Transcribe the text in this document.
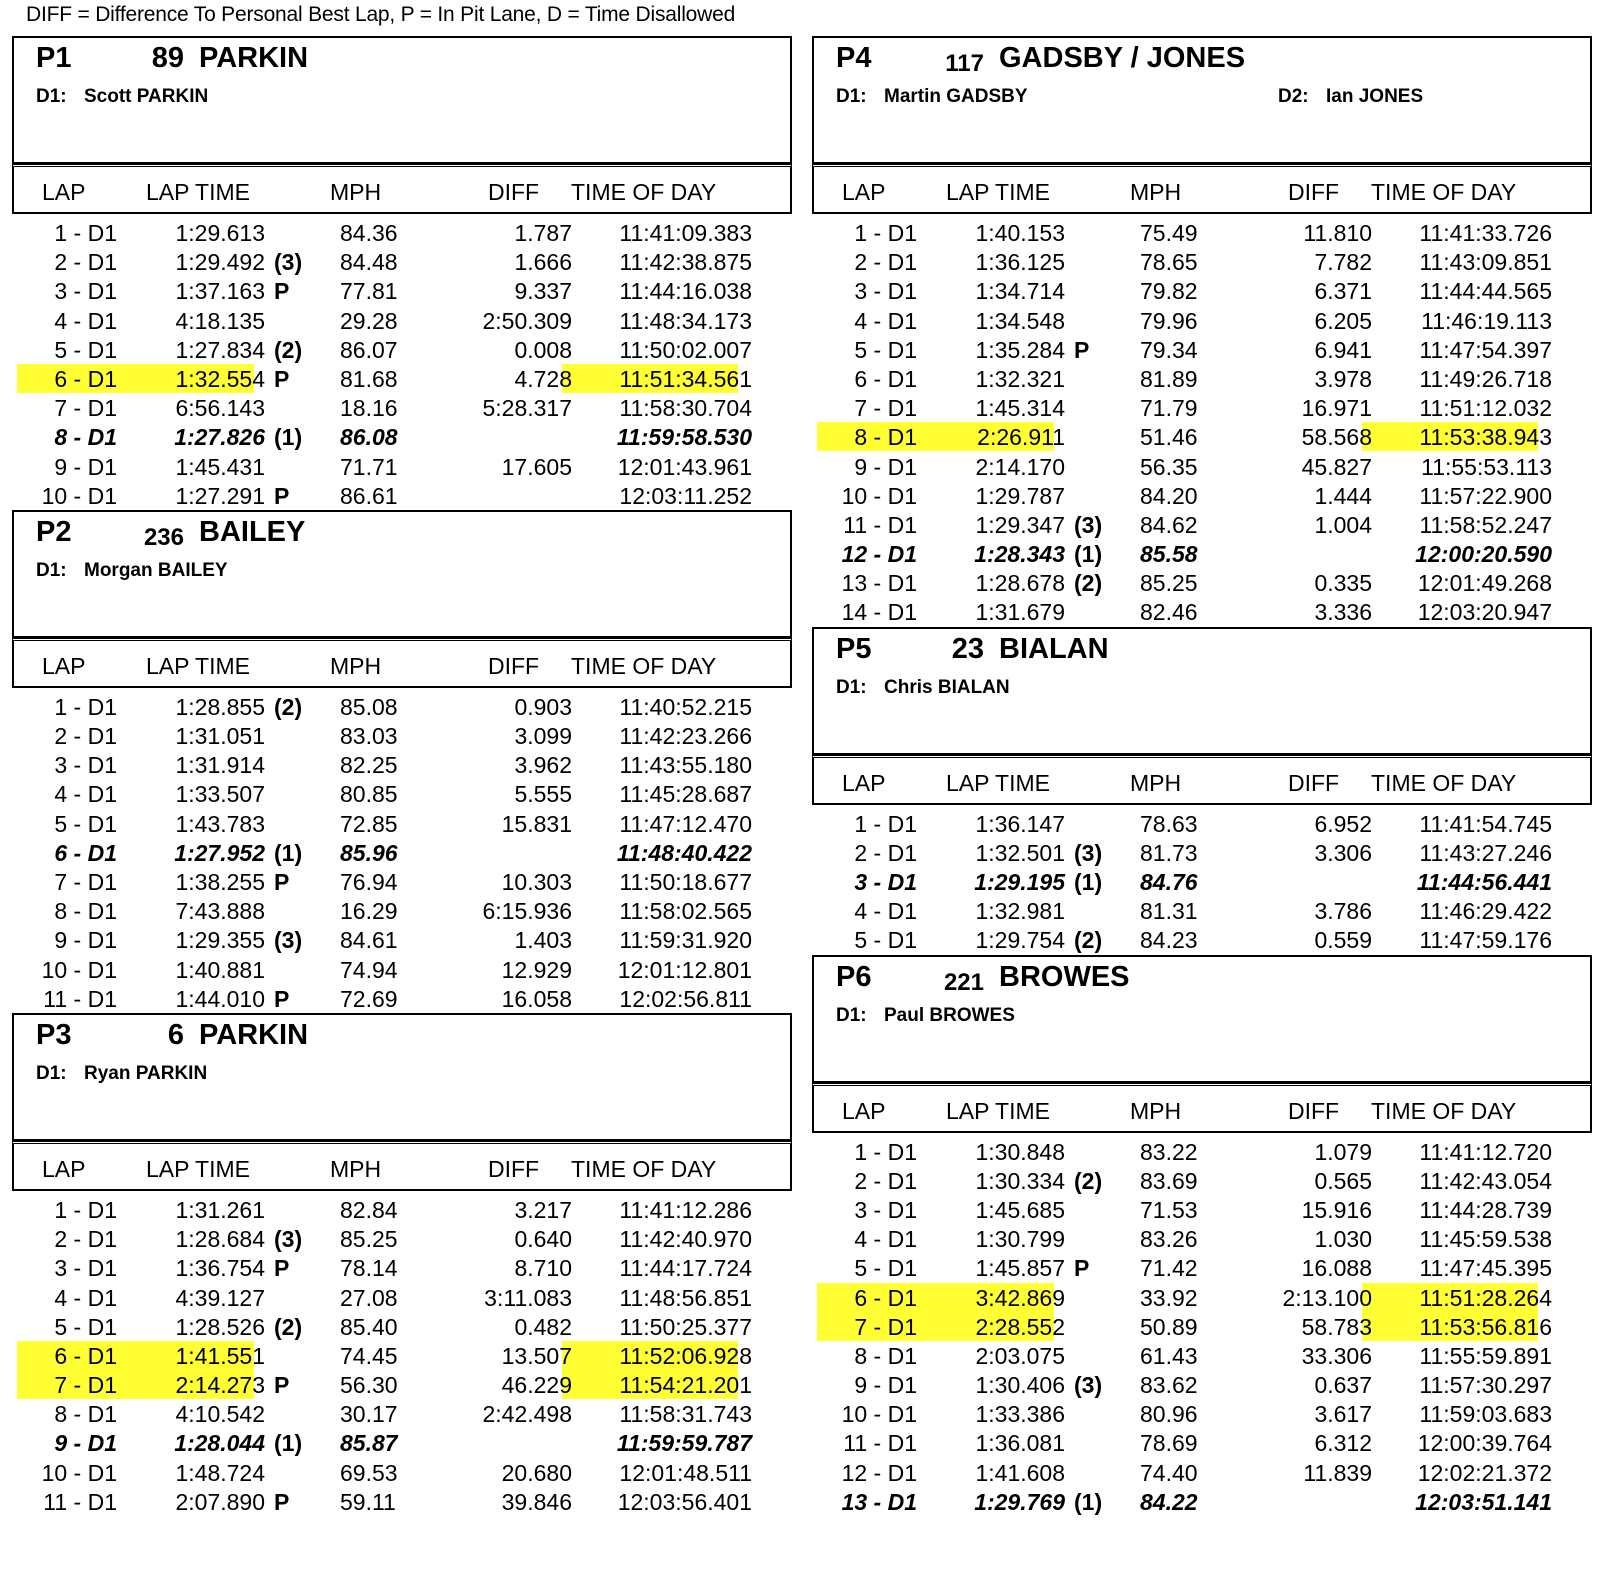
DIFF = Difference To Personal Best Lap, P = In Pit Lane, D = Time Disallowed
P1	89 PARKIN
D1: Scott PARKIN
LAP	LAP TIME	MPH	DIFF TIME OF DAY
1 - D1	1:29.613	84.36	1.787	11:41:09.383
2 - D1	1:29.492 (3) 84.48	1.666	11:42:38.875
3 - D1	1:37.163 P 77.81	9.337	11:44:16.038
4 - D1	4:18.135	29.28	2:50.309	11:48:34.173
5 - D1	1:27.834 (2) 86.07	0.008	11:50:02.007
6 - D1	1:32.554 P 81.68	4.728	11:51:34.561
7 - D1	6:56.143	18.16	5:28.317	11:58:30.704
8 - D1	1:27.826 (1) 86.08	11:59:58.530
9 - D1	1:45.431	71.71	17.605	12:01:43.961
10 - D1	1:27.291 P 86.61	12:03:11.252
P2	236 BAILEY
D1: Morgan BAILEY
LAP	LAP TIME	MPH	DIFF TIME OF DAY
1 - D1	1:28.855 (2) 85.08	0.903	11:40:52.215
2 - D1	1:31.051	83.03	3.099	11:42:23.266
3 - D1	1:31.914	82.25	3.962	11:43:55.180
4 - D1	1:33.507	80.85	5.555	11:45:28.687
5 - D1	1:43.783	72.85	15.831	11:47:12.470
6 - D1	1:27.952 (1) 85.96	11:48:40.422
7 - D1	1:38.255 P 76.94	10.303	11:50:18.677
8 - D1	7:43.888	16.29	6:15.936	11:58:02.565
9 - D1	1:29.355 (3) 84.61	1.403	11:59:31.920
10 - D1	1:40.881	74.94	12.929	12:01:12.801
11 - D1	1:44.010 P 72.69	16.058	12:02:56.811
P3	6 PARKIN
D1: Ryan PARKIN
LAP	LAP TIME	MPH	DIFF TIME OF DAY
1 - D1	1:31.261	82.84	3.217	11:41:12.286
2 - D1	1:28.684 (3) 85.25	0.640	11:42:40.970
3 - D1	1:36.754 P 78.14	8.710	11:44:17.724
4 - D1	4:39.127	27.08	3:11.083	11:48:56.851
5 - D1	1:28.526 (2) 85.40	0.482	11:50:25.377
6 - D1	1:41.551	74.45	13.507	11:52:06.928
7 - D1	2:14.273 P 56.30	46.229	11:54:21.201
8 - D1	4:10.542	30.17	2:42.498	11:58:31.743
9 - D1	1:28.044 (1) 85.87	11:59:59.787
10 - D1	1:48.724	69.53	20.680	12:01:48.511
11 - D1	2:07.890 P 59.11	39.846	12:03:56.401
P4	117 GADSBY / JONES
D1: Martin GADSBY	D2: Ian JONES
LAP	LAP TIME	MPH	DIFF TIME OF DAY
1 - D1	1:40.153	75.49	11.810	11:41:33.726
2 - D1	1:36.125	78.65	7.782	11:43:09.851
3 - D1	1:34.714	79.82	6.371	11:44:44.565
4 - D1	1:34.548	79.96	6.205	11:46:19.113
5 - D1	1:35.284 P 79.34	6.941	11:47:54.397
6 - D1	1:32.321	81.89	3.978	11:49:26.718
7 - D1	1:45.314	71.79	16.971	11:51:12.032
8 - D1	2:26.911	51.46	58.568	11:53:38.943
9 - D1	2:14.170	56.35	45.827	11:55:53.113
10 - D1	1:29.787	84.20	1.444	11:57:22.900
11 - D1	1:29.347 (3) 84.62	1.004	11:58:52.247
12 - D1	1:28.343 (1) 85.58	12:00:20.590
13 - D1	1:28.678 (2) 85.25	0.335	12:01:49.268
14 - D1	1:31.679	82.46	3.336	12:03:20.947
P5	23 BIALAN
D1: Chris BIALAN
LAP	LAP TIME	MPH	DIFF TIME OF DAY
1 - D1	1:36.147	78.63	6.952	11:41:54.745
2 - D1	1:32.501 (3) 81.73	3.306	11:43:27.246
3 - D1	1:29.195 (1) 84.76	11:44:56.441
4 - D1	1:32.981	81.31	3.786	11:46:29.422
5 - D1	1:29.754 (2) 84.23	0.559	11:47:59.176
P6	221 BROWES
D1: Paul BROWES
LAP	LAP TIME	MPH	DIFF TIME OF DAY
1 - D1	1:30.848	83.22	1.079	11:41:12.720
2 - D1	1:30.334 (2) 83.69	0.565	11:42:43.054
3 - D1	1:45.685	71.53	15.916	11:44:28.739
4 - D1	1:30.799	83.26	1.030	11:45:59.538
5 - D1	1:45.857 P 71.42	16.088	11:47:45.395
6 - D1	3:42.869	33.92	2:13.100	11:51:28.264
7 - D1	2:28.552	50.89	58.783	11:53:56.816
8 - D1	2:03.075	61.43	33.306	11:55:59.891
9 - D1	1:30.406 (3) 83.62	0.637	11:57:30.297
10 - D1	1:33.386	80.96	3.617	11:59:03.683
11 - D1	1:36.081	78.69	6.312	12:00:39.764
12 - D1	1:41.608	74.40	11.839	12:02:21.372
13 - D1	1:29.769 (1) 84.22	12:03:51.141
